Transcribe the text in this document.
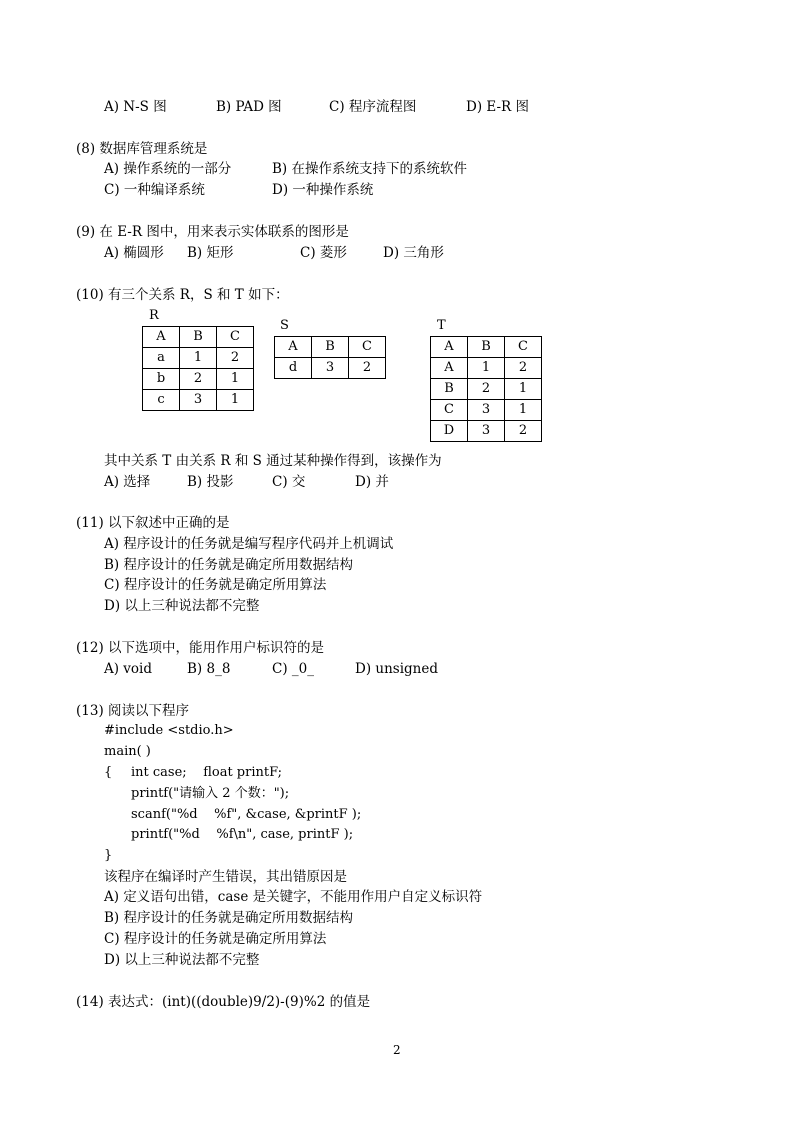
A) N-S 图	B) PAD 图	C) 程序流程图	D) E-R 图
(8) 数据库管理系统是
A) 操作系统的一部分	B) 在操作系统支持下的系统软件
C) 一种编译系统	D) 一种操作系统
(9) 在 E-R 图中，用来表示实体联系的图形是
A) 椭圆形 B) 矩形	C) 菱形	D) 三角形
(10) 有三个关系 R，S 和 T 如下：
R
A	B	C
a	1	2
b	2	1
c	3	1
S
A	B	C
d	3	2
T
A	B	C
A	1	2
B	2	1
C	3	1
D	3	2
其中关系 T 由关系 R 和 S 通过某种操作得到，该操作为
A) 选择	B) 投影	C) 交	D) 并
(11) 以下叙述中正确的是
A) 程序设计的任务就是编写程序代码并上机调试
B) 程序设计的任务就是确定所用数据结构
C) 程序设计的任务就是确定所用算法
D) 以上三种说法都不完整
(12) 以下选项中，能用作用户标识符的是
A) void	B) 8_8	C) _0_	D) unsigned
(13) 阅读以下程序
#include <stdio.h>
main( )
{ int case;    float printF;
printf("请输入 2 个数：");
scanf("%d    %f", &case, &printF );
printf("%d    %f\n", case, printF );
}
该程序在编译时产生错误，其出错原因是
A) 定义语句出错，case 是关键字，不能用作用户自定义标识符
B) 程序设计的任务就是确定所用数据结构
C) 程序设计的任务就是确定所用算法
D) 以上三种说法都不完整
(14) 表达式：(int)((double)9/2)-(9)%2 的值是
2
